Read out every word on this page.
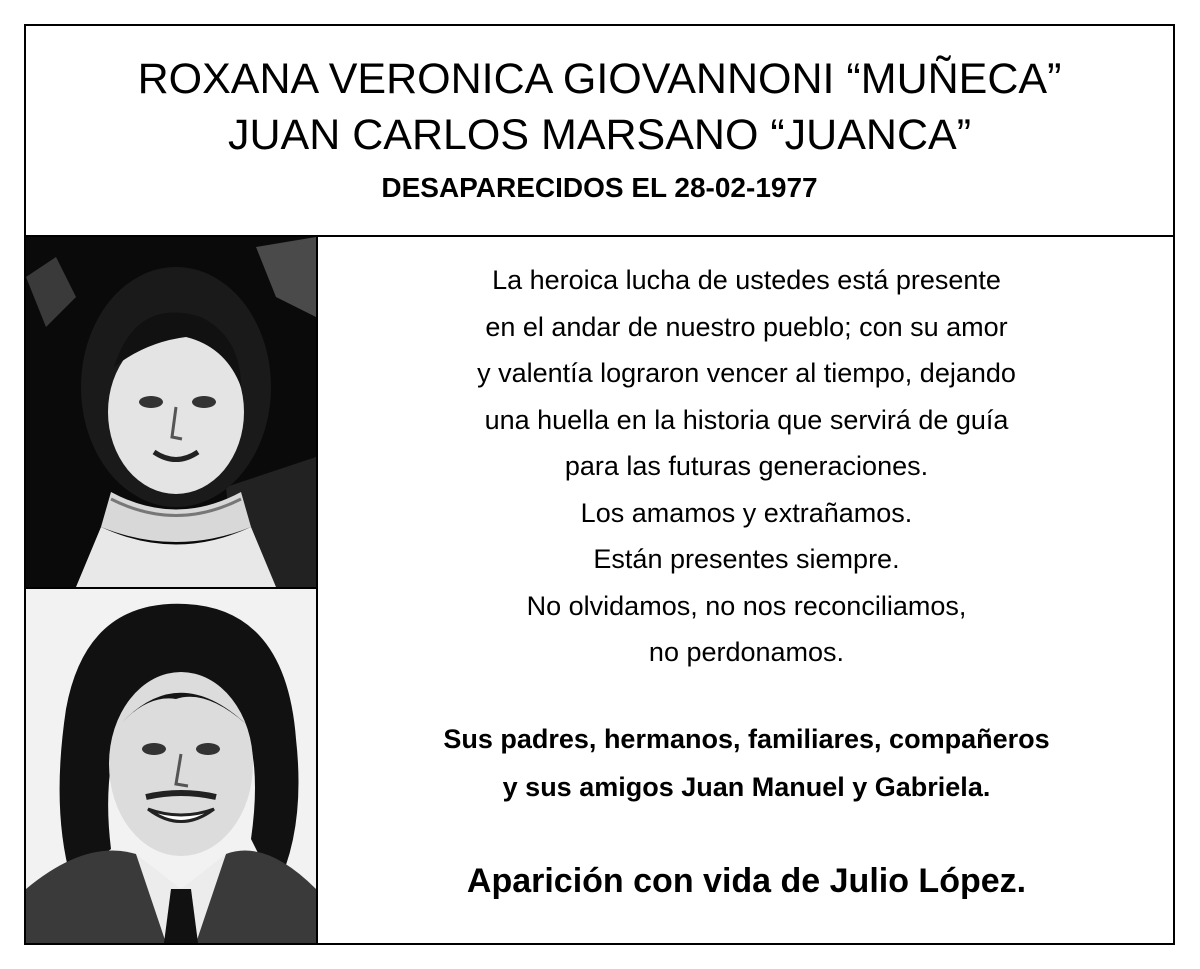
ROXANA VERONICA GIOVANNONI “MUÑECA”
JUAN CARLOS MARSANO “JUANCA”
DESAPARECIDOS EL 28-02-1977
La heroica lucha de ustedes está presente
en el andar de nuestro pueblo; con su amor
y valentía lograron vencer al tiempo, dejando
una huella en la historia que servirá de guía
para las futuras generaciones.
Los amamos y extrañamos.
Están presentes siempre.
No olvidamos, no nos reconciliamos,
no perdonamos.
Sus padres, hermanos, familiares, compañeros
y sus amigos Juan Manuel y Gabriela.
Aparición con vida de Julio López.
